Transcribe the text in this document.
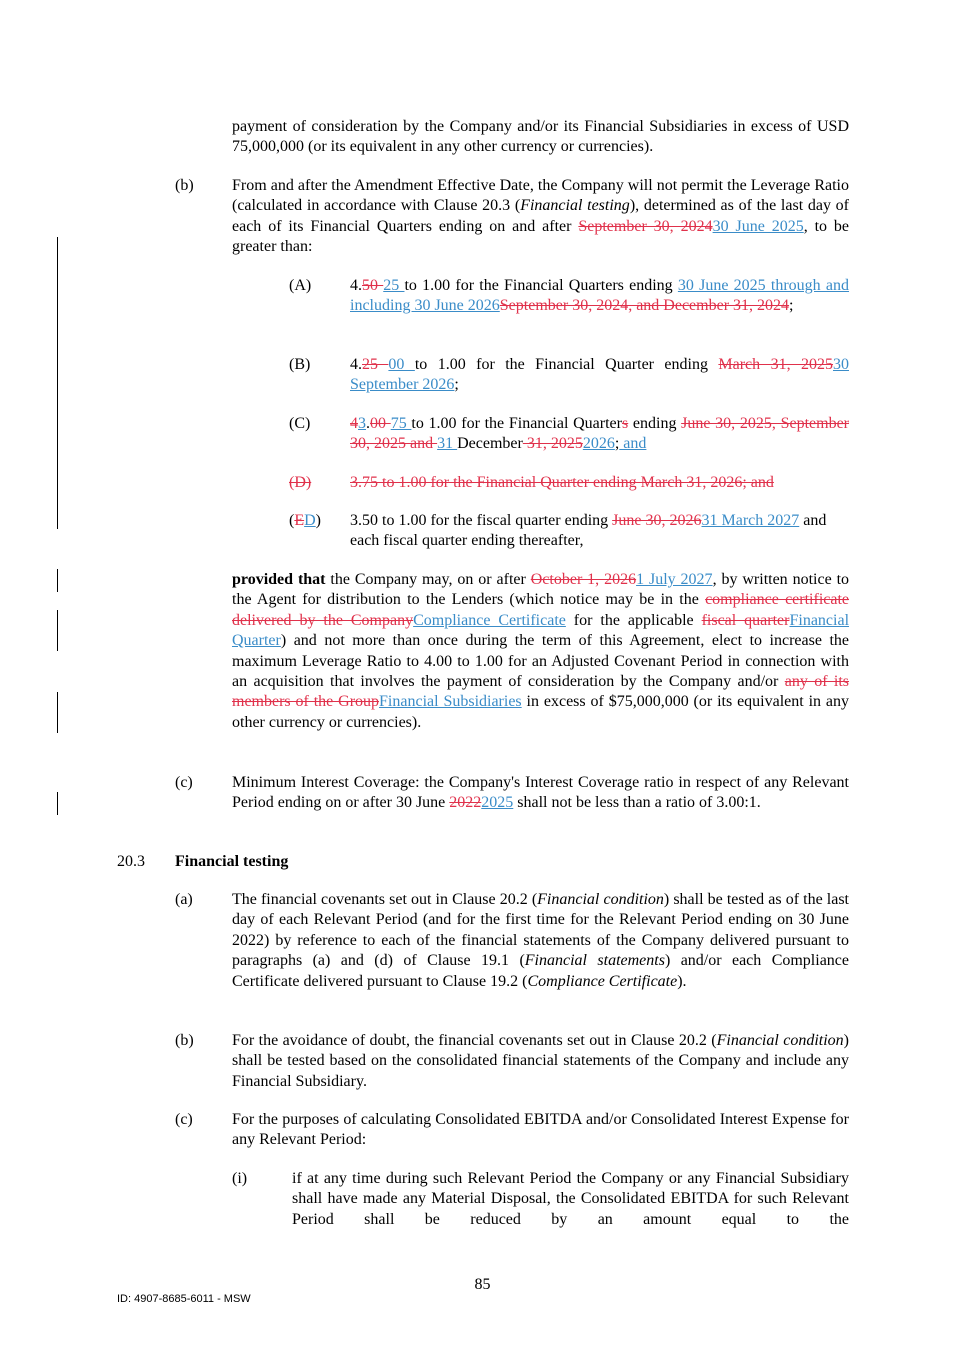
payment of consideration by the Company and/or its Financial Subsidiaries in excess of USD 75,000,000 (or its equivalent in any other currency or currencies).
(b) From and after the Amendment Effective Date, the Company will not permit the Leverage Ratio (calculated in accordance with Clause 20.3 (Financial testing), determined as of the last day of each of its Financial Quarters ending on and after September 30, 202430 June 2025, to be greater than:
(A) 4.50 25 to 1.00 for the Financial Quarters ending 30 June 2025 through and including 30 June 2026September 30, 2024, and December 31, 2024;
(B) 4.25 00 to 1.00 for the Financial Quarter ending March 31, 202530 September 2026;
(C) 43.00 75 to 1.00 for the Financial Quarters ending June 30, 2025, September 30, 2025 and 31 December 31, 20252026; and
(D) 3.75 to 1.00 for the Financial Quarter ending March 31, 2026; and
(ED) 3.50 to 1.00 for the fiscal quarter ending June 30, 202631 March 2027 and each fiscal quarter ending thereafter,
provided that the Company may, on or after October 1, 20261 July 2027, by written notice to the Agent for distribution to the Lenders (which notice may be in the compliance certificate delivered by the CompanyCompliance Certificate for the applicable fiscal quarterFinancial Quarter) and not more than once during the term of this Agreement, elect to increase the maximum Leverage Ratio to 4.00 to 1.00 for an Adjusted Covenant Period in connection with an acquisition that involves the payment of consideration by the Company and/or any of its members of the GroupFinancial Subsidiaries in excess of $75,000,000 (or its equivalent in any other currency or currencies).
(c) Minimum Interest Coverage: the Company's Interest Coverage ratio in respect of any Relevant Period ending on or after 30 June 20222025 shall not be less than a ratio of 3.00:1.
20.3 Financial testing
(a) The financial covenants set out in Clause 20.2 (Financial condition) shall be tested as of the last day of each Relevant Period (and for the first time for the Relevant Period ending on 30 June 2022) by reference to each of the financial statements of the Company delivered pursuant to paragraphs (a) and (d) of Clause 19.1 (Financial statements) and/or each Compliance Certificate delivered pursuant to Clause 19.2 (Compliance Certificate).
(b) For the avoidance of doubt, the financial covenants set out in Clause 20.2 (Financial condition) shall be tested based on the consolidated financial statements of the Company and include any Financial Subsidiary.
(c) For the purposes of calculating Consolidated EBITDA and/or Consolidated Interest Expense for any Relevant Period:
(i)	if at any time during such Relevant Period the Company or any Financial Subsidiary shall have made any Material Disposal, the Consolidated EBITDA for such Relevant Period shall be reduced by an amount equal to the
85
ID: 4907-8685-6011 - MSW
